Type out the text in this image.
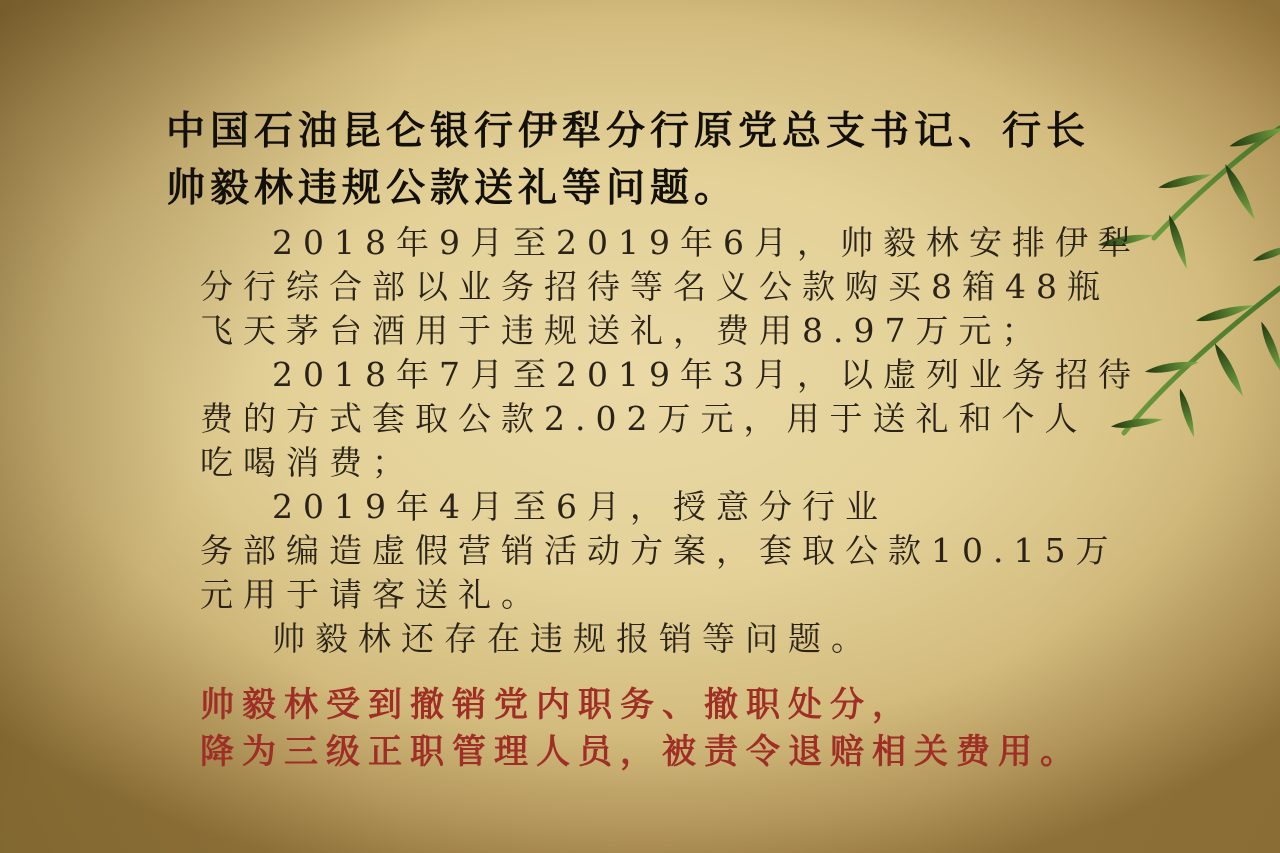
中国石油昆仑银行伊犁分行原党总支书记、行长
帅毅林违规公款送礼等问题。
2018年9月至2019年6月，帅毅林安排伊犁
分行综合部以业务招待等名义公款购买8箱48瓶
飞天茅台酒用于违规送礼，费用8.97万元；
2018年7月至2019年3月，以虚列业务招待
费的方式套取公款2.02万元，用于送礼和个人
吃喝消费；
2019年4月至6月，授意分行业
务部编造虚假营销活动方案，套取公款10.15万
元用于请客送礼。
帅毅林还存在违规报销等问题。
帅毅林受到撤销党内职务、撤职处分，
降为三级正职管理人员，被责令退赔相关费用。
